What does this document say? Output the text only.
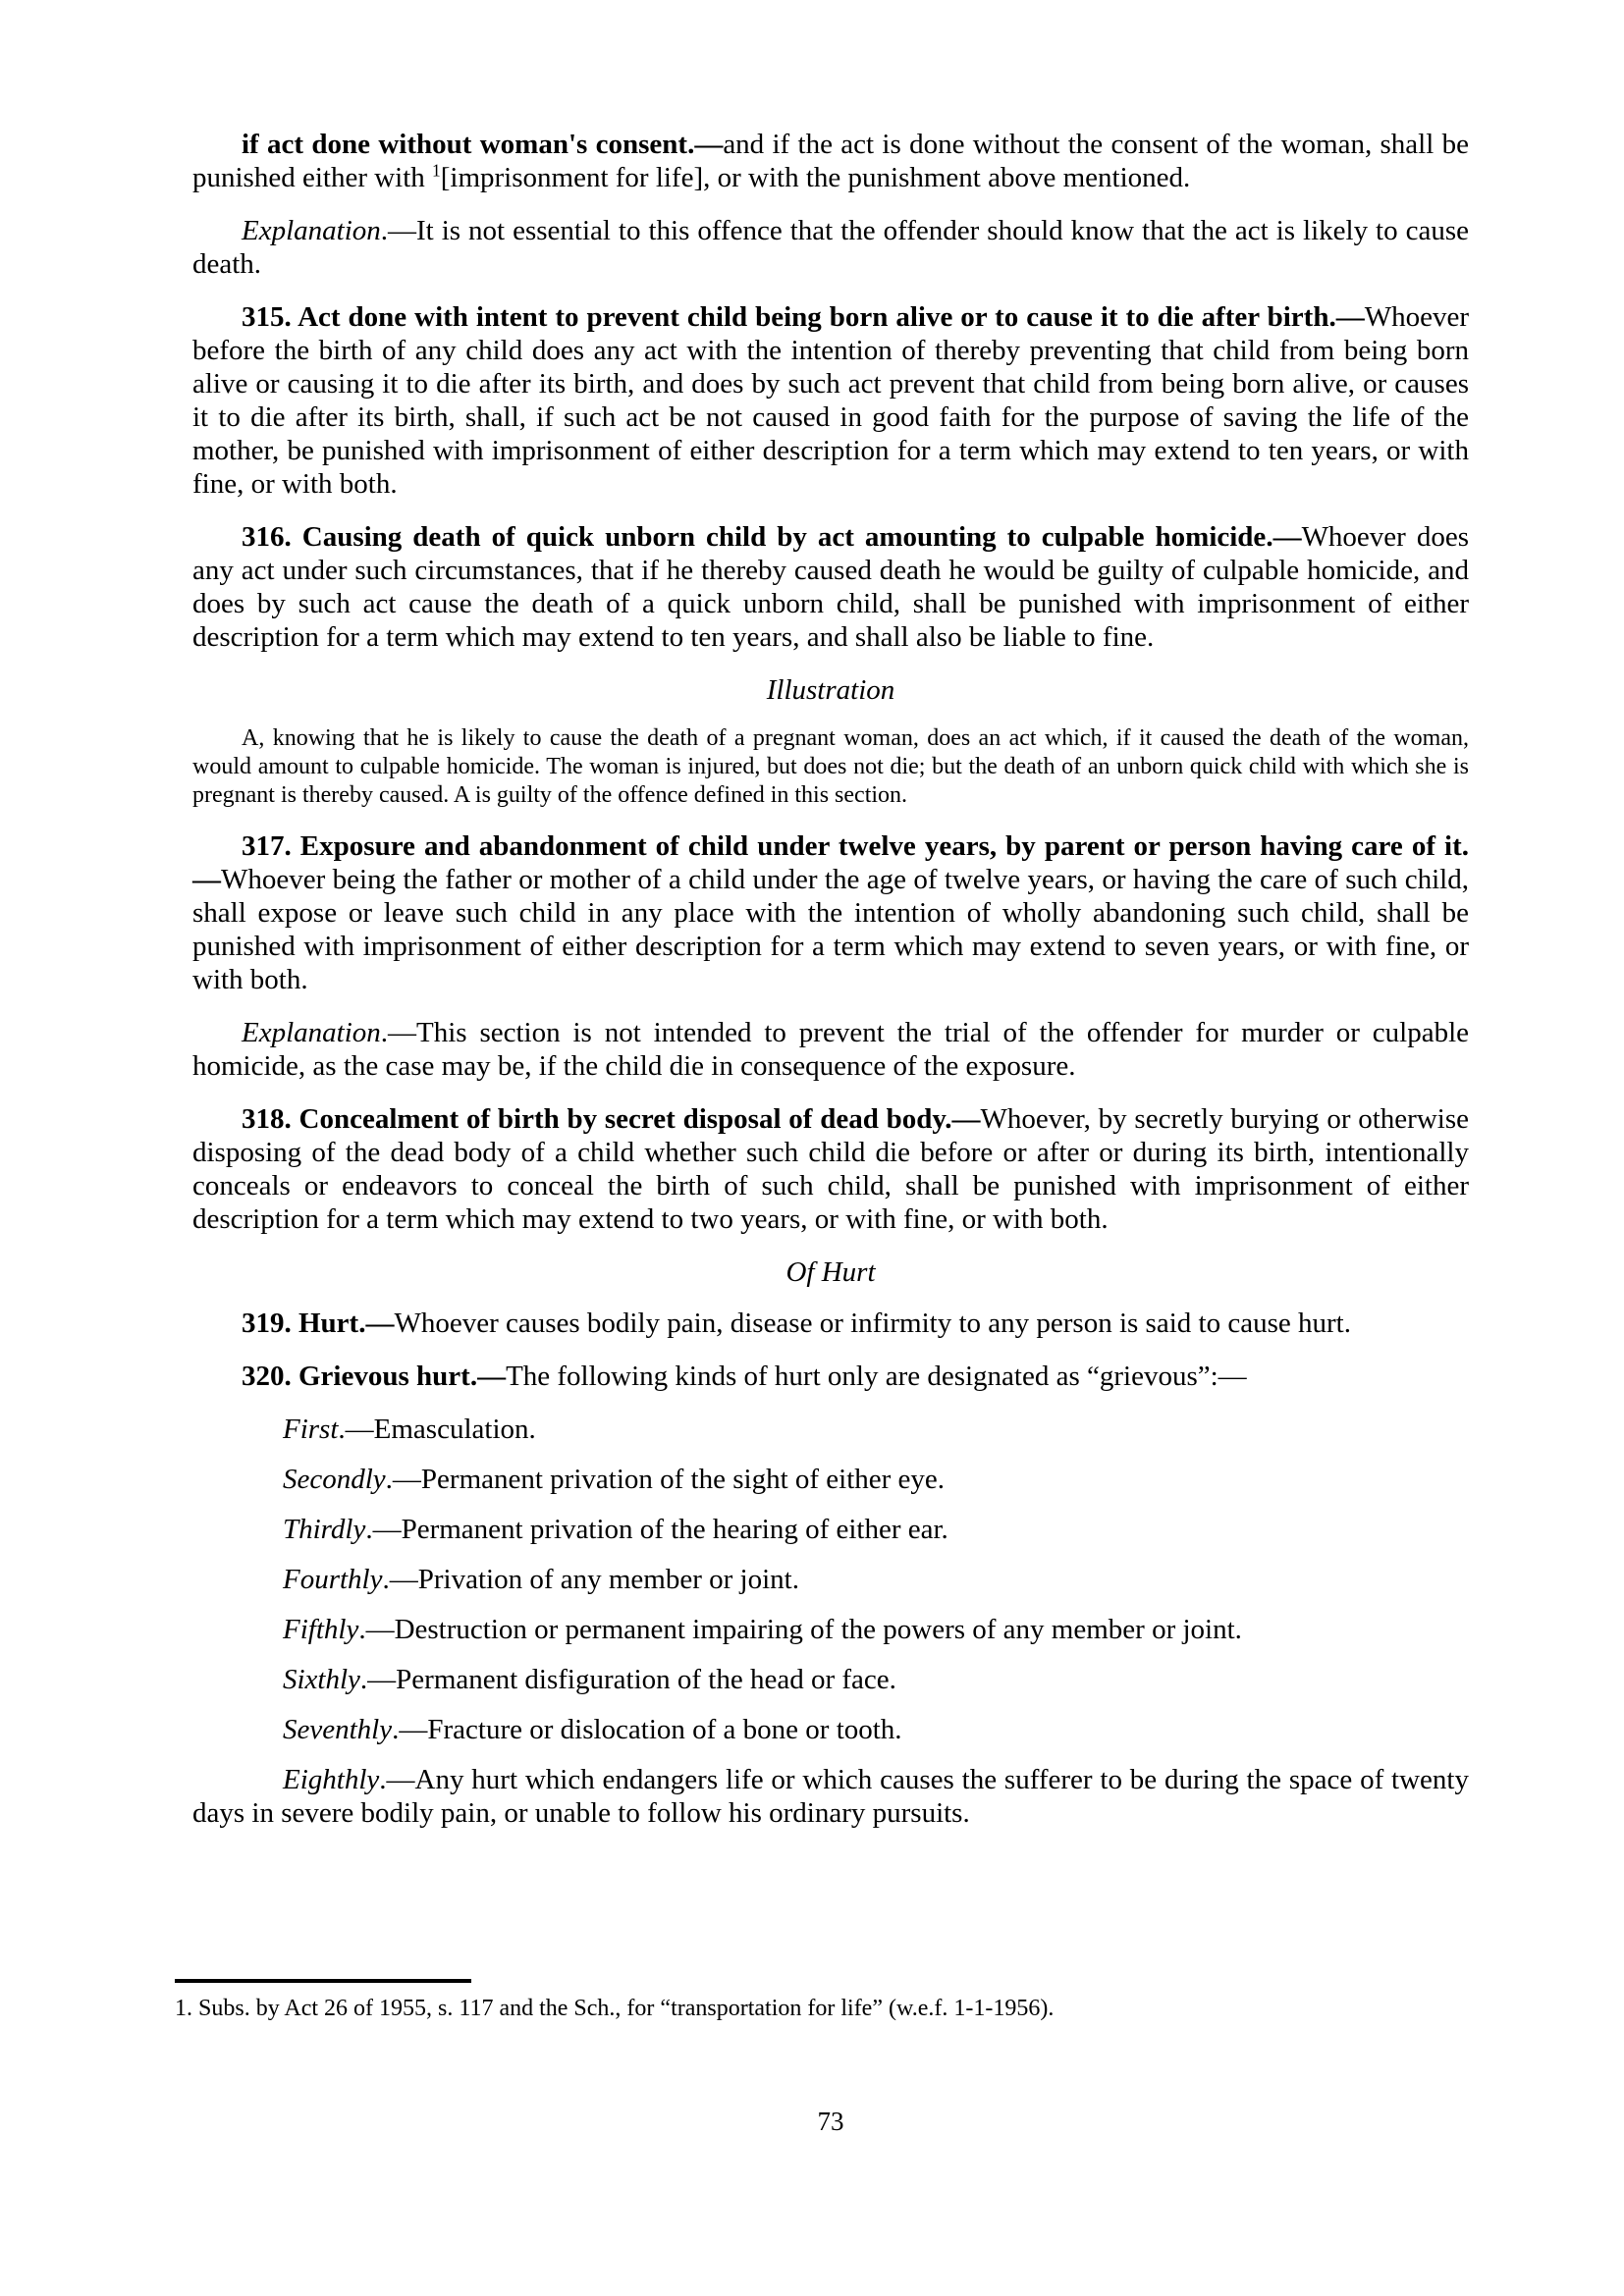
if act done without woman's consent.—and if the act is done without the consent of the woman, shall be punished either with $^1$[imprisonment for life], or with the punishment above mentioned.

Explanation.—It is not essential to this offence that the offender should know that the act is likely to cause death.

315. Act done with intent to prevent child being born alive or to cause it to die after birth.—Whoever before the birth of any child does any act with the intention of thereby preventing that child from being born alive or causing it to die after its birth, and does by such act prevent that child from being born alive, or causes it to die after its birth, shall, if such act be not caused in good faith for the purpose of saving the life of the mother, be punished with imprisonment of either description for a term which may extend to ten years, or with fine, or with both.

316. Causing death of quick unborn child by act amounting to culpable homicide.—Whoever does any act under such circumstances, that if he thereby caused death he would be guilty of culpable homicide, and does by such act cause the death of a quick unborn child, shall be punished with imprisonment of either description for a term which may extend to ten years, and shall also be liable to fine.

Illustration

A, knowing that he is likely to cause the death of a pregnant woman, does an act which, if it caused the death of the woman, would amount to culpable homicide. The woman is injured, but does not die; but the death of an unborn quick child with which she is pregnant is thereby caused. A is guilty of the offence defined in this section.

317. Exposure and abandonment of child under twelve years, by parent or person having care of it.—Whoever being the father or mother of a child under the age of twelve years, or having the care of such child, shall expose or leave such child in any place with the intention of wholly abandoning such child, shall be punished with imprisonment of either description for a term which may extend to seven years, or with fine, or with both.

Explanation.—This section is not intended to prevent the trial of the offender for murder or culpable homicide, as the case may be, if the child die in consequence of the exposure.

318. Concealment of birth by secret disposal of dead body.—Whoever, by secretly burying or otherwise disposing of the dead body of a child whether such child die before or after or during its birth, intentionally conceals or endeavors to conceal the birth of such child, shall be punished with imprisonment of either description for a term which may extend to two years, or with fine, or with both.

Of Hurt

319. Hurt.—Whoever causes bodily pain, disease or infirmity to any person is said to cause hurt.

320. Grievous hurt.—The following kinds of hurt only are designated as “grievous”:—

First.—Emasculation.

Secondly.—Permanent privation of the sight of either eye.

Thirdly.—Permanent privation of the hearing of either ear.

Fourthly.—Privation of any member or joint.

Fifthly.—Destruction or permanent impairing of the powers of any member or joint.

Sixthly.—Permanent disfiguration of the head or face.

Seventhly.—Fracture or dislocation of a bone or tooth.

Eighthly.—Any hurt which endangers life or which causes the sufferer to be during the space of twenty days in severe bodily pain, or unable to follow his ordinary pursuits.

1. Subs. by Act 26 of 1955, s. 117 and the Sch., for “transportation for life” (w.e.f. 1-1-1956).

73
